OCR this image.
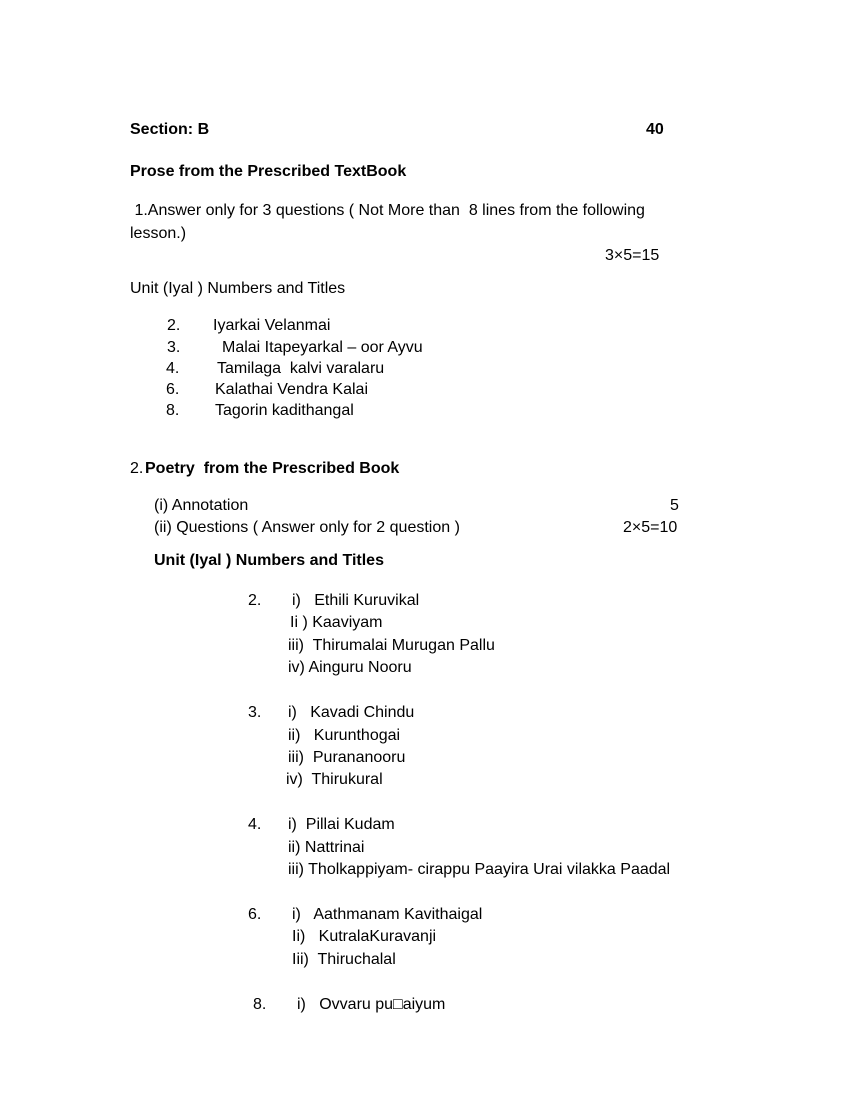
Section: B	40
Prose from the Prescribed TextBook
1.Answer only for 3 questions ( Not More than  8 lines from the following
lesson.)
3×5=15
Unit (Iyal ) Numbers and Titles
2. Iyarkai Velanmai
3.	Malai Itapeyarkal – oor Ayvu
4. Tamilaga  kalvi varalaru
6. Kalathai Vendra Kalai
8. Tagorin kadithangal
2. Poetry  from the Prescribed Book
(i) Annotation	5
(ii) Questions ( Answer only for 2 question )	2×5=10
Unit (Iyal ) Numbers and Titles
2. i)   Ethili Kuruvikal
Ii ) Kaaviyam
iii)  Thirumalai Murugan Pallu
iv) Ainguru Nooru
3. i)   Kavadi Chindu
ii)   Kurunthogai
iii)  Purananooru
iv)  Thirukural
4. i)  Pillai Kudam
ii) Nattrinai
iii) Tholkappiyam- cirappu Paayira Urai vilakka Paadal
6. i)   Aathmanam Kavithaigal
Ii)   KutralaKuravanji
Iii)  Thiruchalal
8. i)   Ovvaru pu□aiyum
